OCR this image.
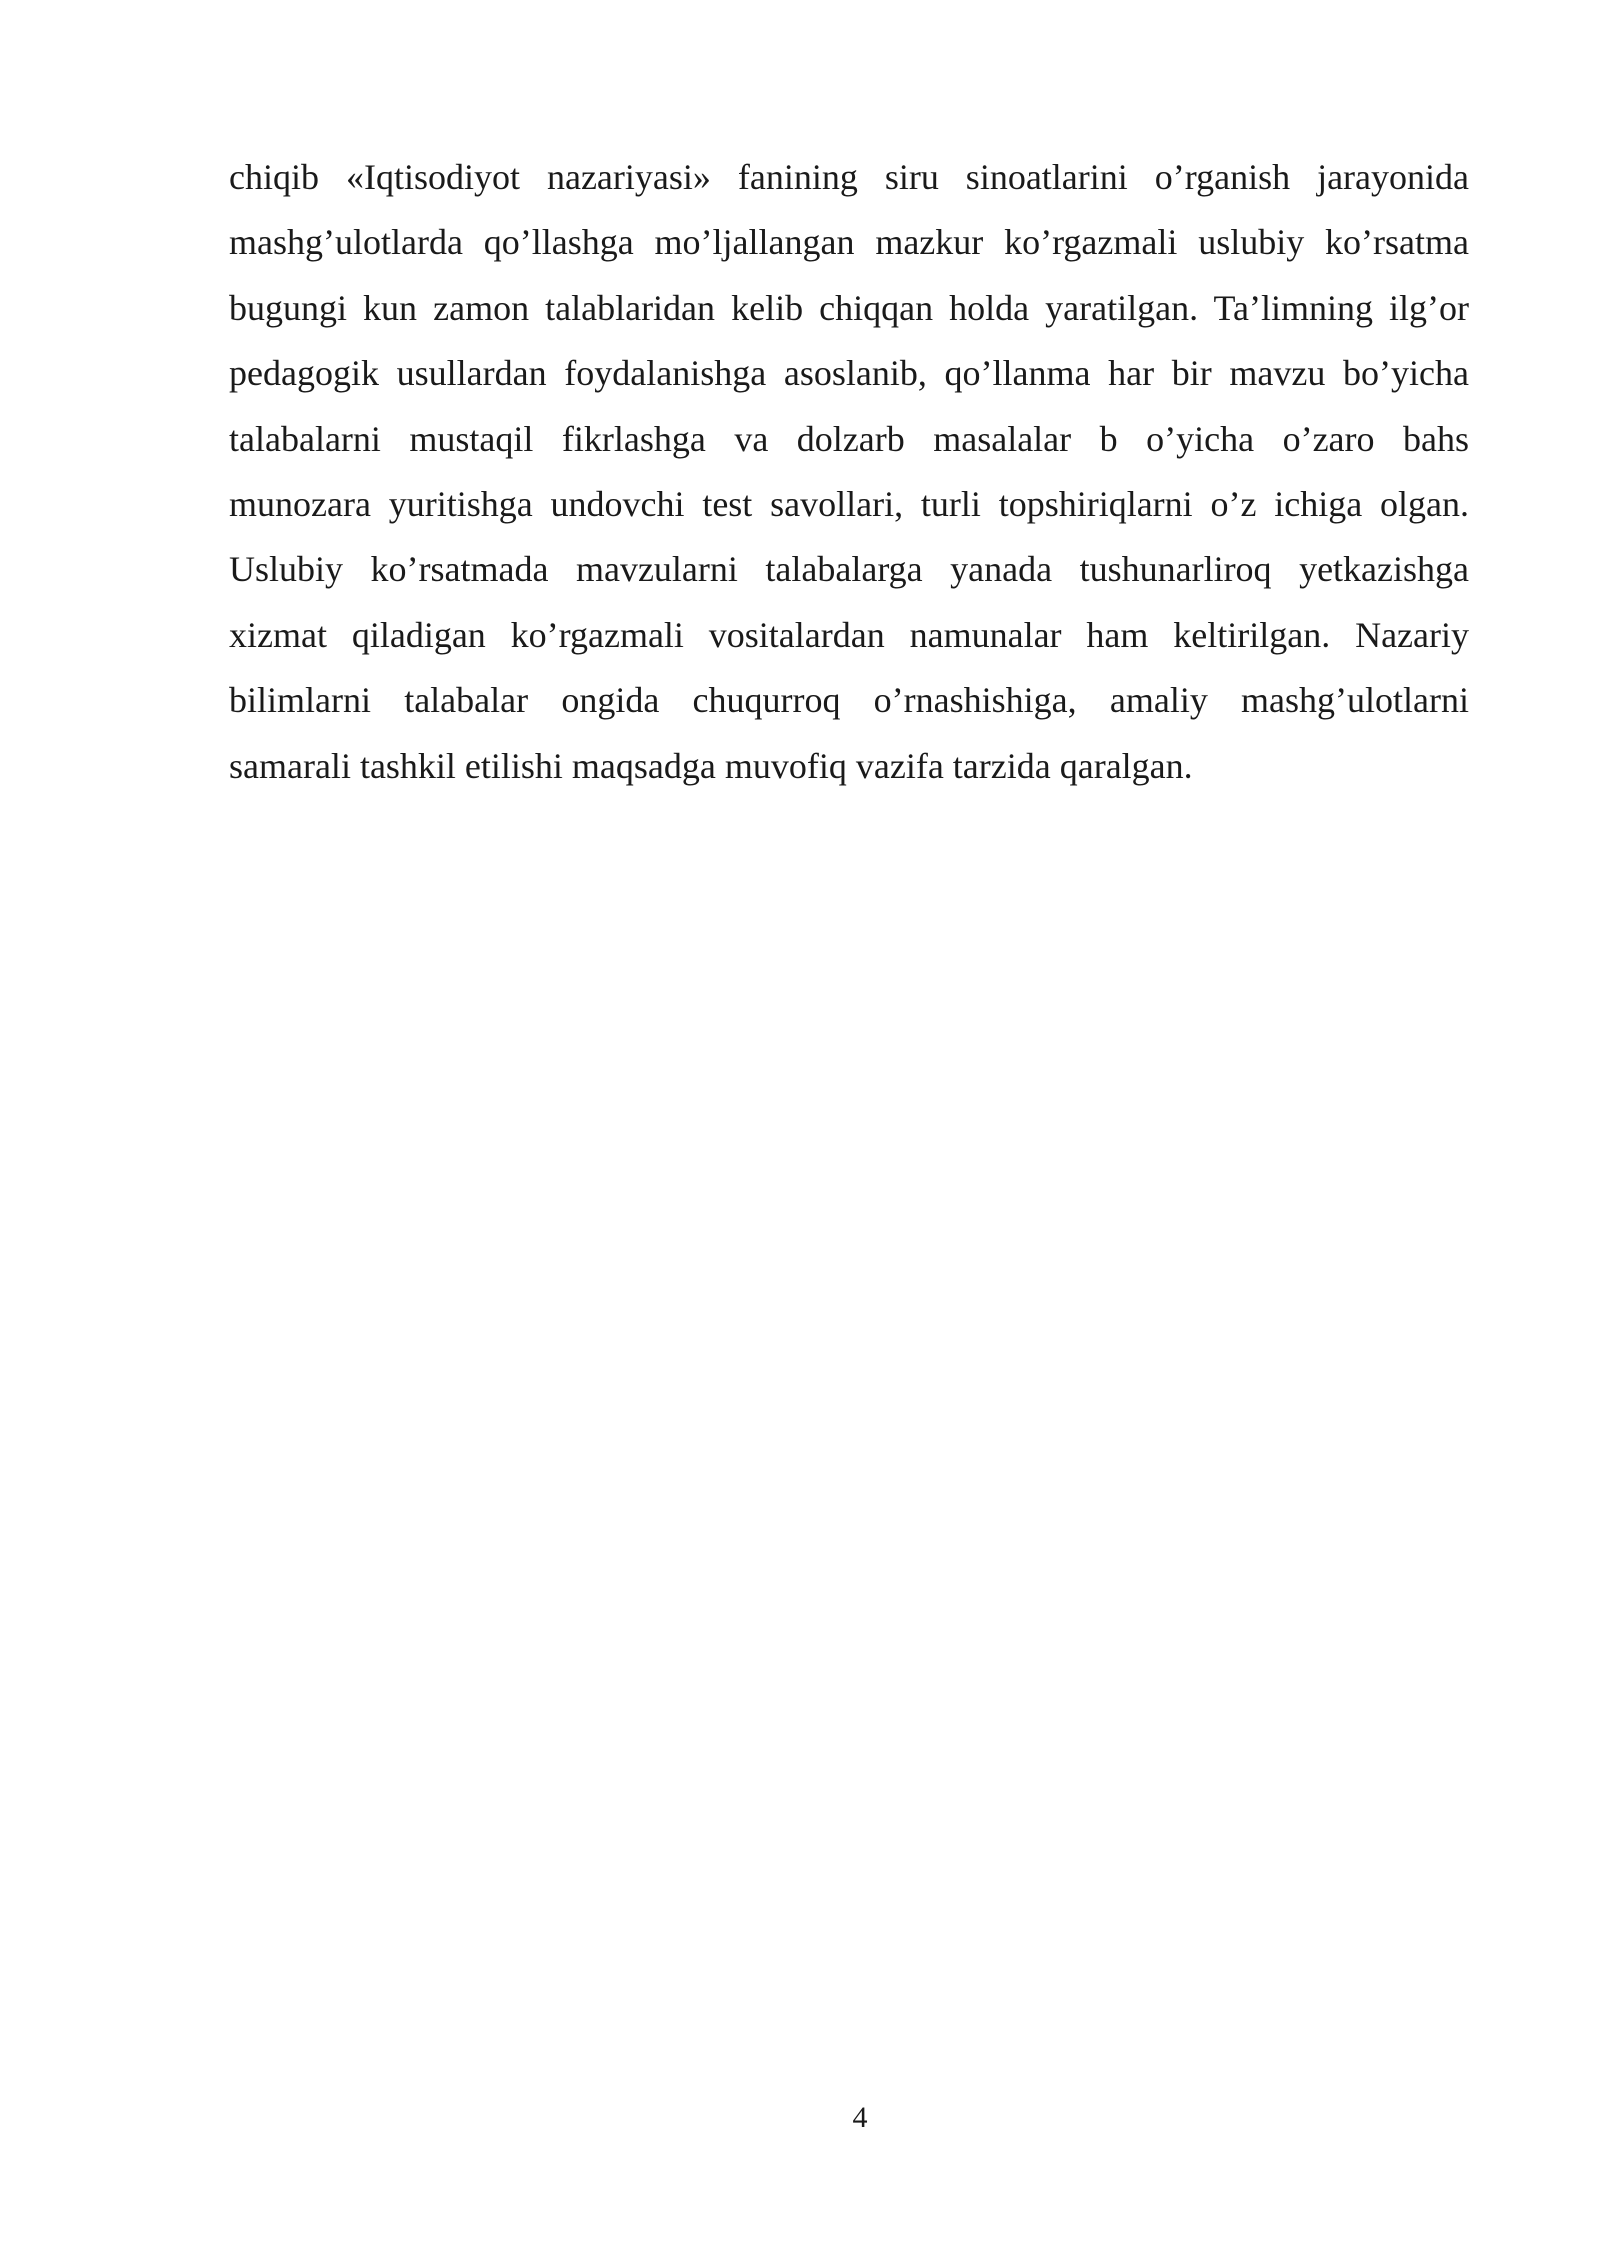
chiqib «Iqtisodiyot nazariyasi» fanining siru sinoatlarini o’rganish jarayonida
mashg’ulotlarda qo’llashga mo’ljallangan mazkur ko’rgazmali uslubiy ko’rsatma
bugungi kun zamon talablaridan kelib chiqqan holda yaratilgan. Ta’limning ilg’or
pedagogik usullardan foydalanishga asoslanib, qo’llanma har bir mavzu bo’yicha
talabalarni mustaqil fikrlashga va dolzarb masalalar b o’yicha o’zaro bahs
munozara yuritishga undovchi test savollari, turli topshiriqlarni o’z ichiga olgan.
Uslubiy ko’rsatmada mavzularni talabalarga yanada tushunarliroq yetkazishga
xizmat qiladigan ko’rgazmali vositalardan namunalar ham keltirilgan. Nazariy
bilimlarni talabalar ongida chuqurroq o’rnashishiga, amaliy mashg’ulotlarni
samarali tashkil etilishi maqsadga muvofiq vazifa tarzida qaralgan.
4
